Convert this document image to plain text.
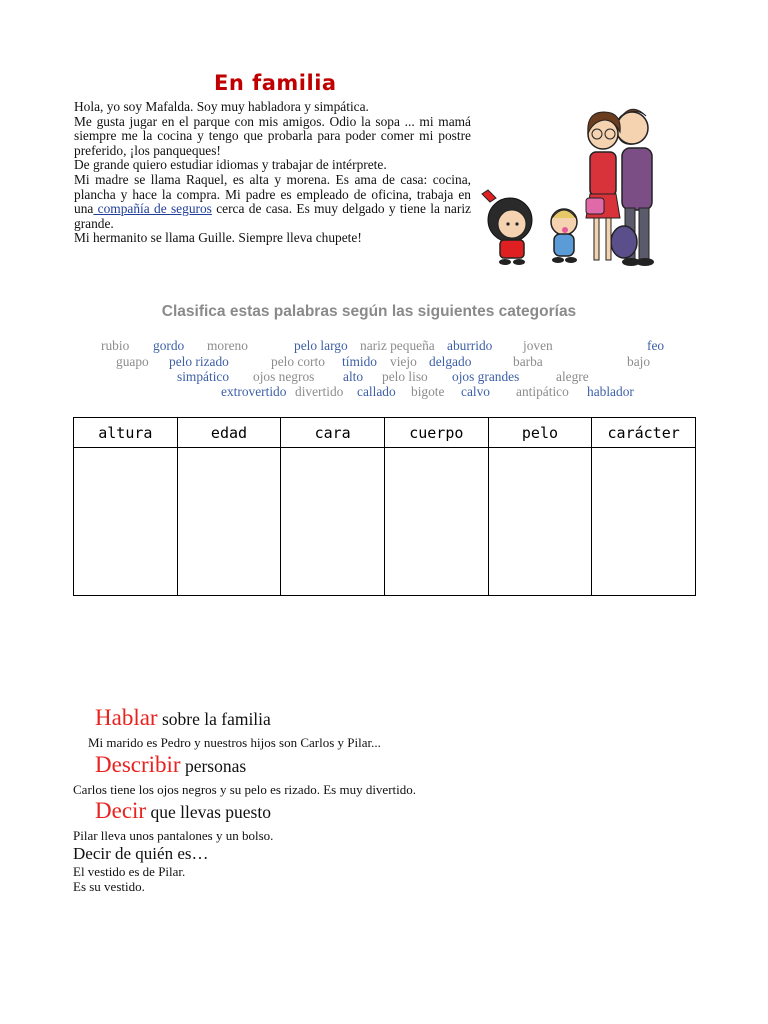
En familia

Hola, yo soy Mafalda. Soy muy habladora y simpática.

Me gusta jugar en el parque con mis amigos. Odio la sopa ... mi mamá siempre me la cocina y tengo que probarla para poder comer mi postre preferido, ¡los panqueques!

De grande quiero estudiar idiomas y trabajar de intérprete.

Mi madre se llama Raquel, es alta y morena. Es ama de casa: cocina, plancha y hace la compra. Mi padre es empleado de oficina, trabaja en una compañía de seguros cerca de casa. Es muy delgado y tiene la nariz grande.

Mi hermanito se llama Guille. Siempre lleva chupete!

Clasifica estas palabras según las siguientes categorías
rubio gordo moreno	pelo largo nariz pequeña aburrido joven	feo
guapo pelo rizado	pelo corto tímido viejo delgado	barba	bajo
simpático ojos negros alto pelo liso ojos grandes	alegre
extrovertido divertido callado bigote calvo antipático hablador
altura	edad	cara	cuerpo	pelo	carácter

Hablar sobre la familia

Mi marido es Pedro y nuestros hijos son Carlos y Pilar...

Describir personas

Carlos tiene los ojos negros y su pelo es rizado. Es muy divertido.

Decir que llevas puesto

Pilar lleva unos pantalones y un bolso.

Decir de quién es…

El vestido es de Pilar.

Es su vestido.
